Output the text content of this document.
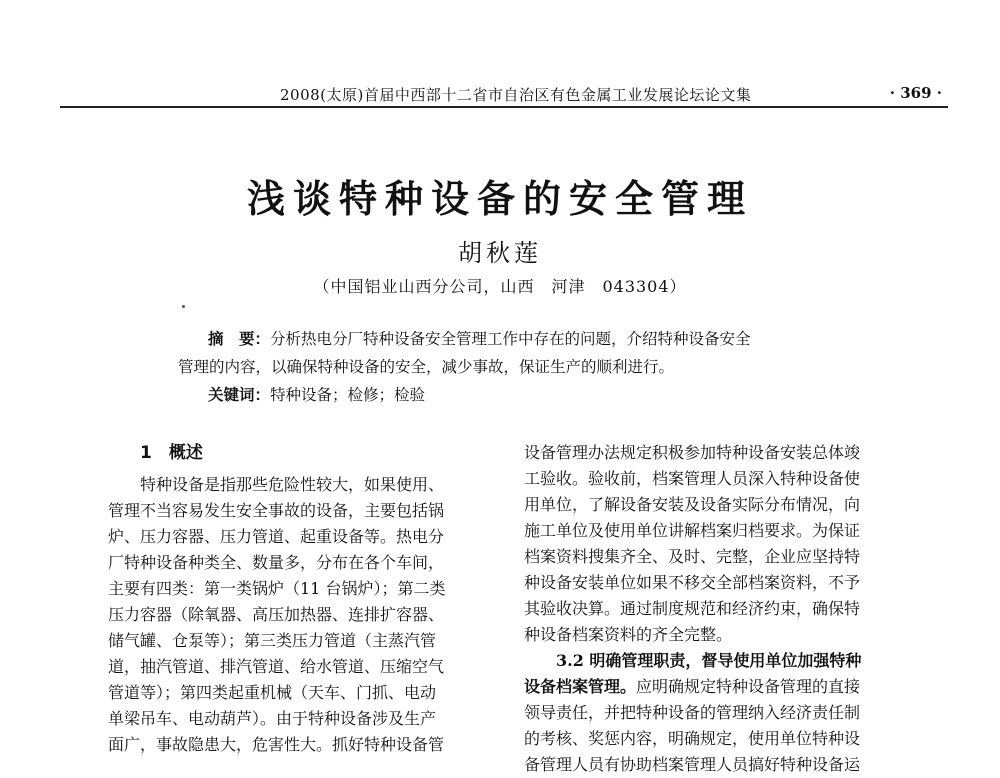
2008(太原)首届中西部十二省市自治区有色金属工业发展论坛论文集	· 369 ·
浅谈特种设备的安全管理
胡秋莲
（中国铝业山西分公司，山西　河津　043304）
摘　要：分析热电分厂特种设备安全管理工作中存在的问题，介绍特种设备安全
管理的内容，以确保特种设备的安全，减少事故，保证生产的顺利进行。
关键词：特种设备；检修；检验
1　概述
特种设备是指那些危险性较大，如果使用、
管理不当容易发生安全事故的设备，主要包括锅
炉、压力容器、压力管道、起重设备等。热电分
厂特种设备种类全、数量多，分布在各个车间，
主要有四类：第一类锅炉（11 台锅炉）；第二类
压力容器（除氧器、高压加热器、连排扩容器、
储气罐、仓泵等）；第三类压力管道（主蒸汽管
道，抽汽管道、排汽管道、给水管道、压缩空气
管道等）；第四类起重机械（天车、门抓、电动
单梁吊车、电动葫芦）。由于特种设备涉及生产
面广，事故隐患大，危害性大。抓好特种设备管
设备管理办法规定积极参加特种设备安装总体竣
工验收。验收前，档案管理人员深入特种设备使
用单位，了解设备安装及设备实际分布情况，向
施工单位及使用单位讲解档案归档要求。为保证
档案资料搜集齐全、及时、完整，企业应坚持特
种设备安装单位如果不移交全部档案资料，不予
其验收决算。通过制度规范和经济约束，确保特
种设备档案资料的齐全完整。
3.2 明确管理职责，督导使用单位加强特种
设备档案管理。应明确规定特种设备管理的直接
领导责任，并把特种设备的管理纳入经济责任制
的考核、奖惩内容，明确规定，使用单位特种设
备管理人员有协助档案管理人员搞好特种设备运
